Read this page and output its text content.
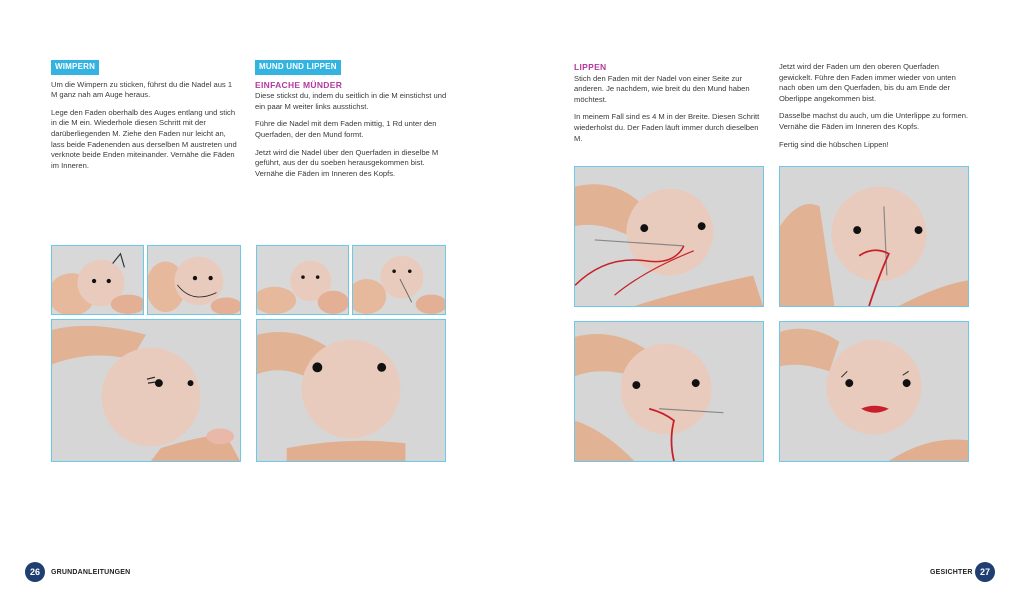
WIMPERN

Um die Wimpern zu sticken, führst du die Nadel aus 1 M ganz nah am Auge heraus.

Lege den Faden oberhalb des Auges entlang und stich in die M ein. Wiederhole diesen Schritt mit der darüberliegenden M. Ziehe den Faden nur leicht an, lass beide Fadenenden aus derselben M austreten und verknote beide Enden miteinander. Vernähe die Fäden im Inneren.

MUND UND LIPPEN
EINFACHE MÜNDER

Diese stickst du, indem du seitlich in die M einstichst und ein paar M weiter links ausstichst.

Führe die Nadel mit dem Faden mittig, 1 Rd unter den Querfaden, der den Mund formt.

Jetzt wird die Nadel über den Querfaden in dieselbe M geführt, aus der du soeben herausgekommen bist. Vernähe die Fäden im Inneren des Kopfs.

LIPPEN

Stich den Faden mit der Nadel von einer Seite zur anderen. Je nachdem, wie breit du den Mund haben möchtest.

In meinem Fall sind es 4 M in der Breite. Diesen Schritt wiederholst du. Der Faden läuft immer durch dieselben M.

Jetzt wird der Faden um den oberen Querfaden gewickelt. Führe den Faden immer wieder von unten nach oben um den Querfaden, bis du am Ende der Oberlippe angekommen bist.

Dasselbe machst du auch, um die Unterlippe zu formen. Vernähe die Fäden im Inneren des Kopfs.

Fertig sind die hübschen Lippen!

26	GRUNDANLEITUNGEN	GESICHTER 27
